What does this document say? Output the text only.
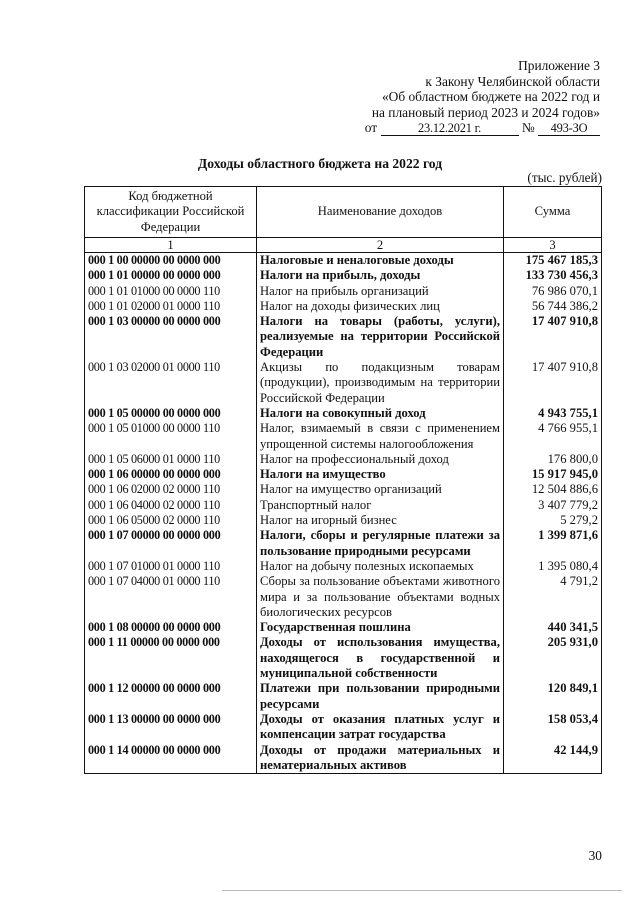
Приложение 3
к Закону Челябинской области
«Об областном бюджете на 2022 год и
на плановый период 2023 и 2024 годов»
от	23.12.2021 г.	№ 493-ЗО
Доходы областного бюджета на 2022 год
(тыс. рублей)
Код бюджетной классификации Российской Федерации	Наименование доходов	Сумма
1	2	3
000 1 00 00000 00 0000 000	Налоговые и неналоговые доходы	175 467 185,3
000 1 01 00000 00 0000 000	Налоги на прибыль, доходы	133 730 456,3
000 1 01 01000 00 0000 110	Налог на прибыль организаций	76 986 070,1
000 1 01 02000 01 0000 110	Налог на доходы физических лиц	56 744 386,2
000 1 03 00000 00 0000 000	Налоги на товары (работы, услуги), реализуемые на территории Российской Федерации	17 407 910,8
000 1 03 02000 01 0000 110	Акцизы по подакцизным товарам (продукции), производимым на территории Российской Федерации	17 407 910,8
000 1 05 00000 00 0000 000	Налоги на совокупный доход	4 943 755,1
000 1 05 01000 00 0000 110	Налог, взимаемый в связи с применением упрощенной системы налогообложения	4 766 955,1
000 1 05 06000 01 0000 110	Налог на профессиональный доход	176 800,0
000 1 06 00000 00 0000 000	Налоги на имущество	15 917 945,0
000 1 06 02000 02 0000 110	Налог на имущество организаций	12 504 886,6
000 1 06 04000 02 0000 110	Транспортный налог	3 407 779,2
000 1 06 05000 02 0000 110	Налог на игорный бизнес	5 279,2
000 1 07 00000 00 0000 000	Налоги, сборы и регулярные платежи за пользование природными ресурсами	1 399 871,6
000 1 07 01000 01 0000 110	Налог на добычу полезных ископаемых	1 395 080,4
000 1 07 04000 01 0000 110	Сборы за пользование объектами животного мира и за пользование объектами водных биологических ресурсов	4 791,2
000 1 08 00000 00 0000 000	Государственная пошлина	440 341,5
000 1 11 00000 00 0000 000	Доходы от использования имущества, находящегося в государственной и муниципальной собственности	205 931,0
000 1 12 00000 00 0000 000	Платежи при пользовании природными ресурсами	120 849,1
000 1 13 00000 00 0000 000	Доходы от оказания платных услуг и компенсации затрат государства	158 053,4
000 1 14 00000 00 0000 000	Доходы от продажи материальных и нематериальных активов	42 144,9
30
